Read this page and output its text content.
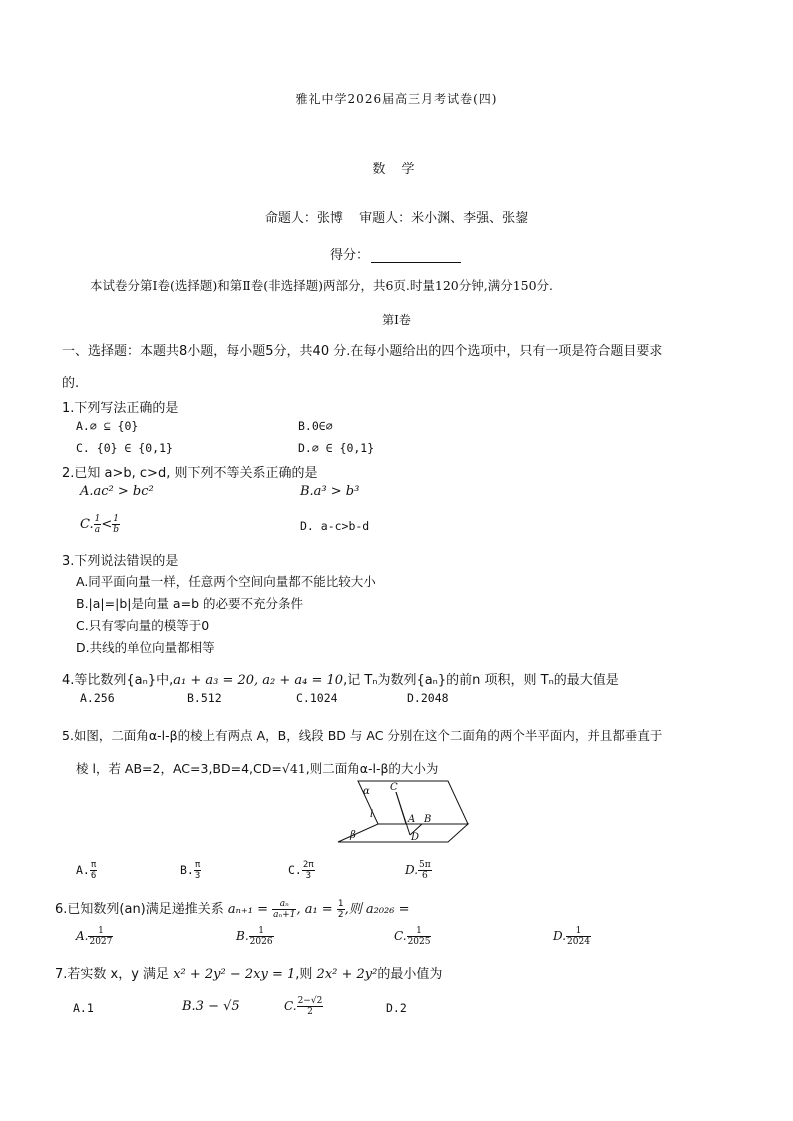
雅礼中学2026届高三月考试卷(四)
数 学
命题人：张博 审题人：米小渊、李强、张鋆
得分：
本试卷分第Ⅰ卷(选择题)和第Ⅱ卷(非选择题)两部分，共6页.时量120分钟,满分150分.
第Ⅰ卷
一、选择题：本题共8小题，每小题5分，共40 分.在每小题给出的四个选项中，只有一项是符合题目要求
的.
1.下列写法正确的是
A.∅ ⊆ {0}	B.0∈∅
C. {0} ∈ {0,1}	D.∅ ∈ {0,1}
2.已知 a>b, c>d, 则下列不等关系正确的是
A.ac² > bc²	B.a³ > b³
C. $\frac{1}{a} < \frac{1}{b}$	D. a-c>b-d
3.下列说法错误的是
A.同平面向量一样，任意两个空间向量都不能比较大小
B.|a|=|b|是向量 a=b 的必要不充分条件
C.只有零向量的模等于0
D.共线的单位向量都相等
4.等比数列{aₙ}中,a₁ + a₃ = 20, a₂ + a₄ = 10,记 Tₙ为数列{aₙ}的前n 项积，则 Tₙ的最大值是
A.256	B.512	C.1024	D.2048
5.如图，二面角α-l-β的棱上有两点 A，B，线段 BD 与 AC 分别在这个二面角的两个半平面内，并且都垂直于
棱 l，若 AB=2，AC=3,BD=4,CD=√41,则二面角α-l-β的大小为
α C
l	A B
β	D
A. $\frac{\pi}{6}$	B. $\frac{\pi}{3}$	C. $\frac{2\pi}{3}$	D. $\frac{5\pi}{6}$
6.已知数列(an)满足递推关系 $a_{n+1} = \frac{\text{aₙ}}{\text{aₙ+1}}$ , $a_1 = \frac{1}{2}$ ,则 a₂₀₂₆ =
A. $\frac{1}{2027}$	B. $\frac{1}{2026}$	C. $\frac{1}{2025}$	D. $\frac{1}{2024}$
7.若实数 x，y 满足 x² + 2y² − 2xy = 1,则 2x² + 2y²的最小值为
A.1	B.3 − √5	C. $\frac{2-√2}{2}$	D.2
